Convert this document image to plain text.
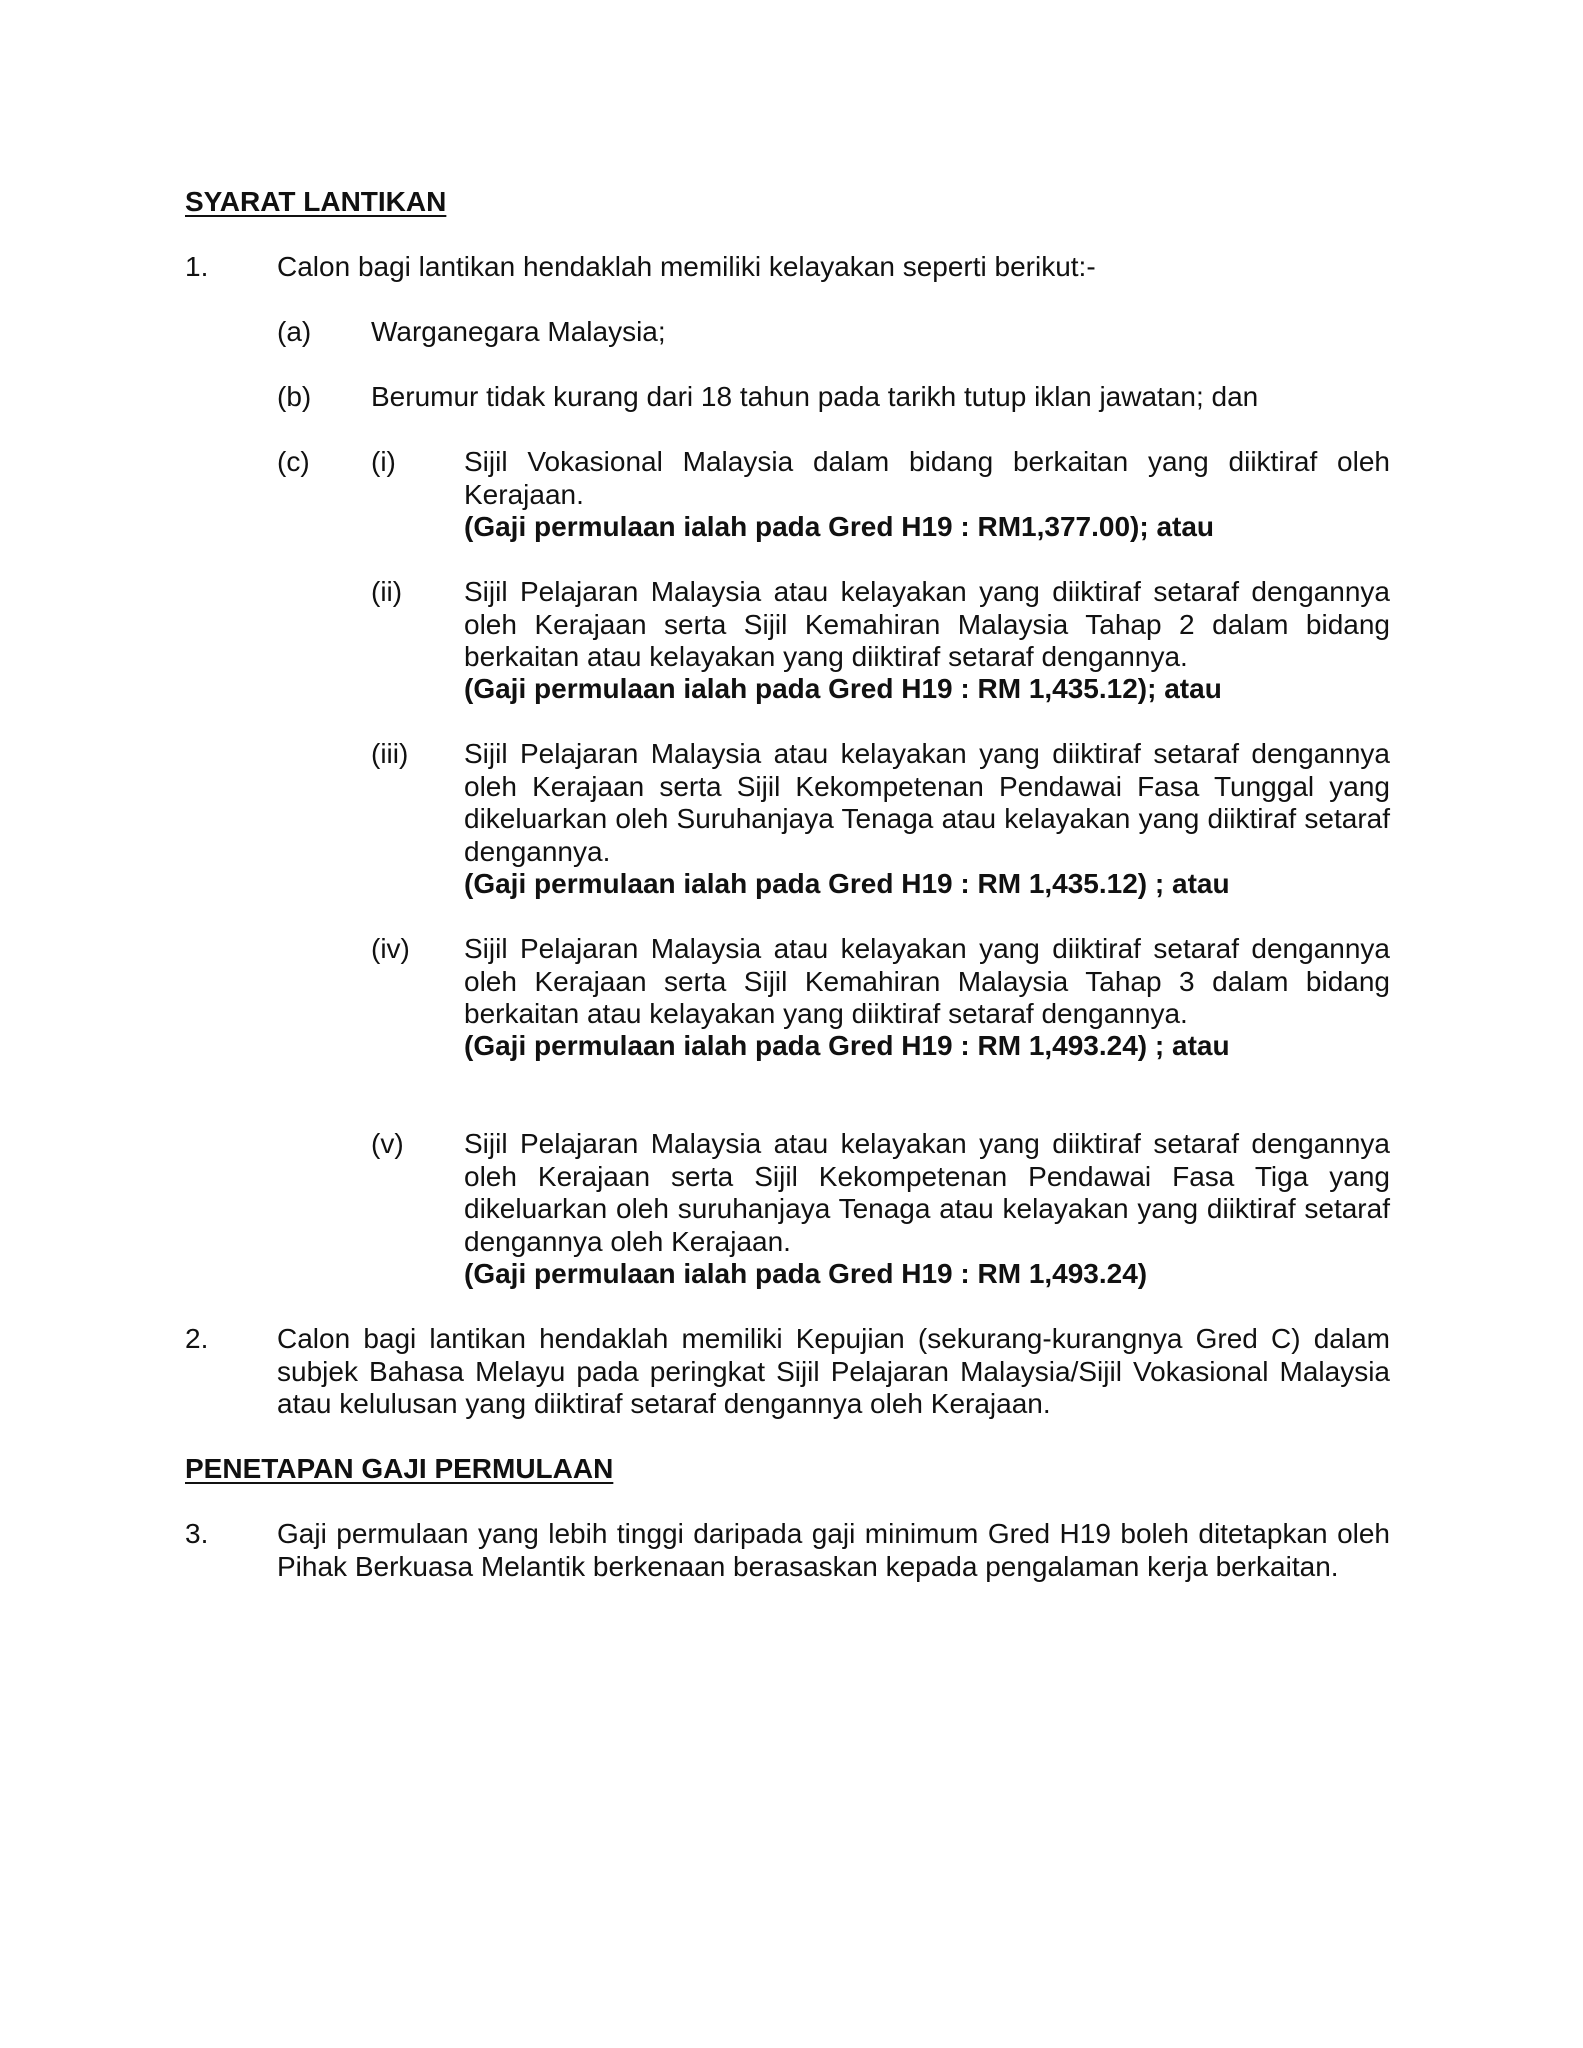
SYARAT LANTIKAN
1. Calon bagi lantikan hendaklah memiliki kelayakan seperti berikut:-
(a) Warganegara Malaysia;
(b) Berumur tidak kurang dari 18 tahun pada tarikh tutup iklan jawatan; dan
(c) (i) Sijil Vokasional Malaysia dalam bidang berkaitan yang diiktiraf oleh Kerajaan.
(Gaji permulaan ialah pada Gred H19 : RM1,377.00); atau
(ii) Sijil Pelajaran Malaysia atau kelayakan yang diiktiraf setaraf dengannya oleh Kerajaan serta Sijil Kemahiran Malaysia Tahap 2 dalam bidang berkaitan atau kelayakan yang diiktiraf setaraf dengannya.
(Gaji permulaan ialah pada Gred H19 : RM 1,435.12); atau
(iii) Sijil Pelajaran Malaysia atau kelayakan yang diiktiraf setaraf dengannya oleh Kerajaan serta Sijil Kekompetenan Pendawai Fasa Tunggal yang dikeluarkan oleh Suruhanjaya Tenaga atau kelayakan yang diiktiraf setaraf dengannya.
(Gaji permulaan ialah pada Gred H19 : RM 1,435.12) ; atau
(iv) Sijil Pelajaran Malaysia atau kelayakan yang diiktiraf setaraf dengannya oleh Kerajaan serta Sijil Kemahiran Malaysia Tahap 3 dalam bidang berkaitan atau kelayakan yang diiktiraf setaraf dengannya.
(Gaji permulaan ialah pada Gred H19 : RM 1,493.24) ; atau
(v) Sijil Pelajaran Malaysia atau kelayakan yang diiktiraf setaraf dengannya oleh Kerajaan serta Sijil Kekompetenan Pendawai Fasa Tiga yang dikeluarkan oleh suruhanjaya Tenaga atau kelayakan yang diiktiraf setaraf dengannya oleh Kerajaan.
(Gaji permulaan ialah pada Gred H19 : RM 1,493.24)
2. Calon bagi lantikan hendaklah memiliki Kepujian (sekurang-kurangnya Gred C) dalam subjek Bahasa Melayu pada peringkat Sijil Pelajaran Malaysia/Sijil Vokasional Malaysia atau kelulusan yang diiktiraf setaraf dengannya oleh Kerajaan.
PENETAPAN GAJI PERMULAAN
3. Gaji permulaan yang lebih tinggi daripada gaji minimum Gred H19 boleh ditetapkan oleh Pihak Berkuasa Melantik berkenaan berasaskan kepada pengalaman kerja berkaitan.
